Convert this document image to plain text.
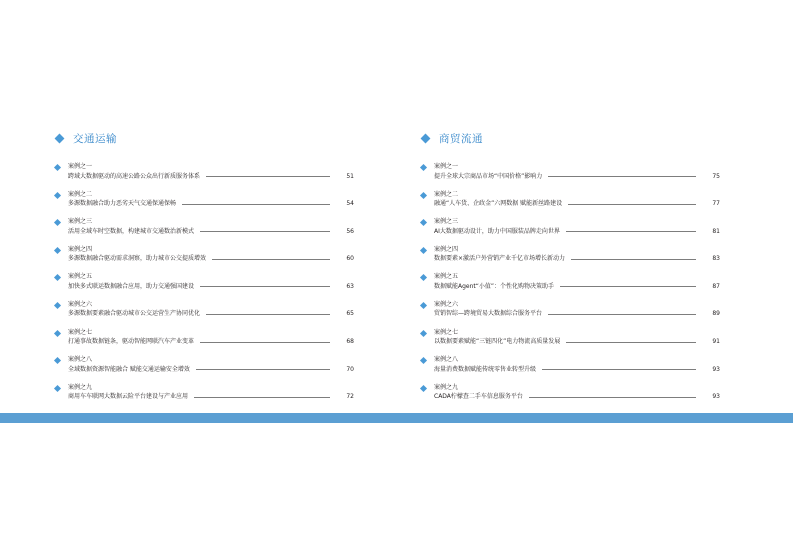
交通运输
案例之一
跨域大数据驱动的高速公路公众出行新质服务体系	51
案例之二
多源数据融合助力恶劣天气交通保通保畅	54
案例之三
活用全域车时空数据，构建城市交通数治新模式	56
案例之四
多源数据融合驱动需求洞察，助力城市公交提质增效	60
案例之五
加快多式联运数据融合应用，助力交通强国建设	63
案例之六
多源数据要素融合驱动城市公交运营生产协同优化	65
案例之七
打通事故数据链条，驱动智能网联汽车产业变革	68
案例之八
全域数据资源智能融合 赋能交通运输安全增效	70
案例之九
商用车车联网大数据云险平台建设与产业应用	72
商贸流通
案例之一
提升全球大宗商品市场“中国价格”影响力	75
案例之二
融通“人车货、企政金”六网数据 赋能新丝路建设	77
案例之三
AI大数据驱动设计，助力中国服装品牌走向世界	81
案例之四
数据要素×激活户外营销产业千亿市场增长新动力	83
案例之五
数据赋能Agent“小值”：个性化购物决策助手	87
案例之六
贸销智综—跨境贸易大数据综合服务平台	89
案例之七
以数据要素赋能“三链四化”电力物流高质量发展	91
案例之八
海量消费数据赋能传统零售业转型升级	93
案例之九
CADA柠檬查二手车信息服务平台	93
